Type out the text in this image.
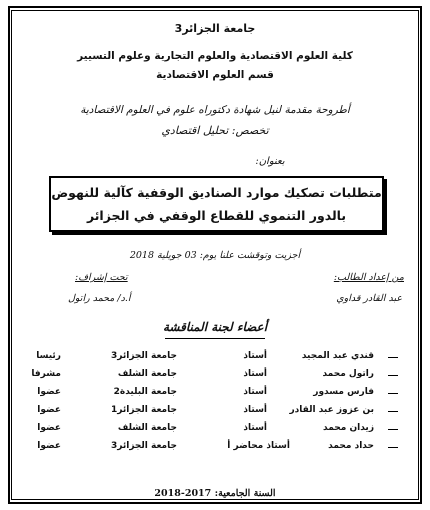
جامعة الجزائر3
كلية العلوم الاقتصادية والعلوم التجارية وعلوم التسيير
قسم العلوم الاقتصادية
أطروحة مقدمة لنيل شهادة دكتوراه علوم في العلوم الاقتصادية
تخصص: تحليل اقتصادي
بعنوان:
متطلبات تصكيك موارد الصناديق الوقفية كآلية للنهوض
بالدور التنموي للقطاع الوقفي في الجزائر
أجزيت وتوقشت علنا يوم: 03 جويلية 2018
من إعداد الطالب:
عبد القادر قداوي
تحت إشراف:
أ.د/ محمد راتول
أعضاء لجنة المناقشة
قندي عبد المجيد
أستاذ
جامعة الجزائر3
رئيسا
راتول محمد
أستاذ
جامعة الشلف
مشرفا
فارس مسدور
أستاذ
جامعة البليدة2
عضوا
بن عزوز عبد القادر
أستاذ
جامعة الجزائر1
عضوا
زيدان محمد
أستاذ
جامعة الشلف
عضوا
حداد محمد
أستاذ محاضر أ
جامعة الجزائر3
عضوا
السنة الجامعية: 2017-2018
